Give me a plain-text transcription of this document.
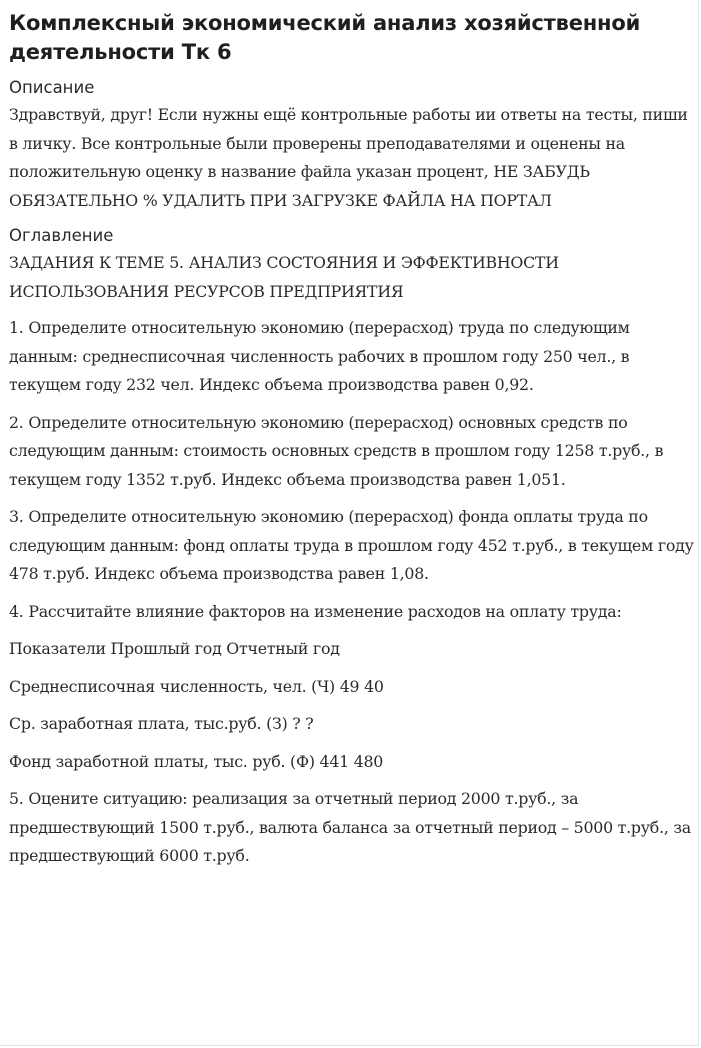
Комплексный экономический анализ хозяйственной деятельности Тк 6
Описание

Здравствуй, друг! Если нужны ещё контрольные работы ии ответы на тесты, пиши в личку. Все контрольные были проверены преподавателями и оценены на положительную оценку в название файла указан процент, НЕ ЗАБУДЬ ОБЯЗАТЕЛЬНО % УДАЛИТЬ ПРИ ЗАГРУЗКЕ ФАЙЛА НА ПОРТАЛ

Оглавление

ЗАДАНИЯ К ТЕМЕ 5. АНАЛИЗ СОСТОЯНИЯ И ЭФФЕКТИВНОСТИ ИСПОЛЬЗОВАНИЯ РЕСУРСОВ ПРЕДПРИЯТИЯ

1. Определите относительную экономию (перерасход) труда по следующим данным: среднесписочная численность рабочих в прошлом году 250 чел., в текущем году 232 чел. Индекс объема производства равен 0,92.

2. Определите относительную экономию (перерасход) основных средств по следующим данным: стоимость основных средств в прошлом году 1258 т.руб., в текущем году 1352 т.руб. Индекс объема производства равен 1,051.

3. Определите относительную экономию (перерасход) фонда оплаты труда по следующим данным: фонд оплаты труда в прошлом году 452 т.руб., в текущем году 478 т.руб. Индекс объема производства равен 1,08.

4. Рассчитайте влияние факторов на изменение расходов на оплату труда:

Показатели Прошлый год Отчетный год

Среднесписочная численность, чел. (Ч) 49 40

Ср. заработная плата, тыс.руб. (З) ? ?

Фонд заработной платы, тыс. руб. (Ф) 441 480

5. Оцените ситуацию: реализация за отчетный период 2000 т.руб., за предшествующий 1500 т.руб., валюта баланса за отчетный период – 5000 т.руб., за предшествующий 6000 т.руб.
